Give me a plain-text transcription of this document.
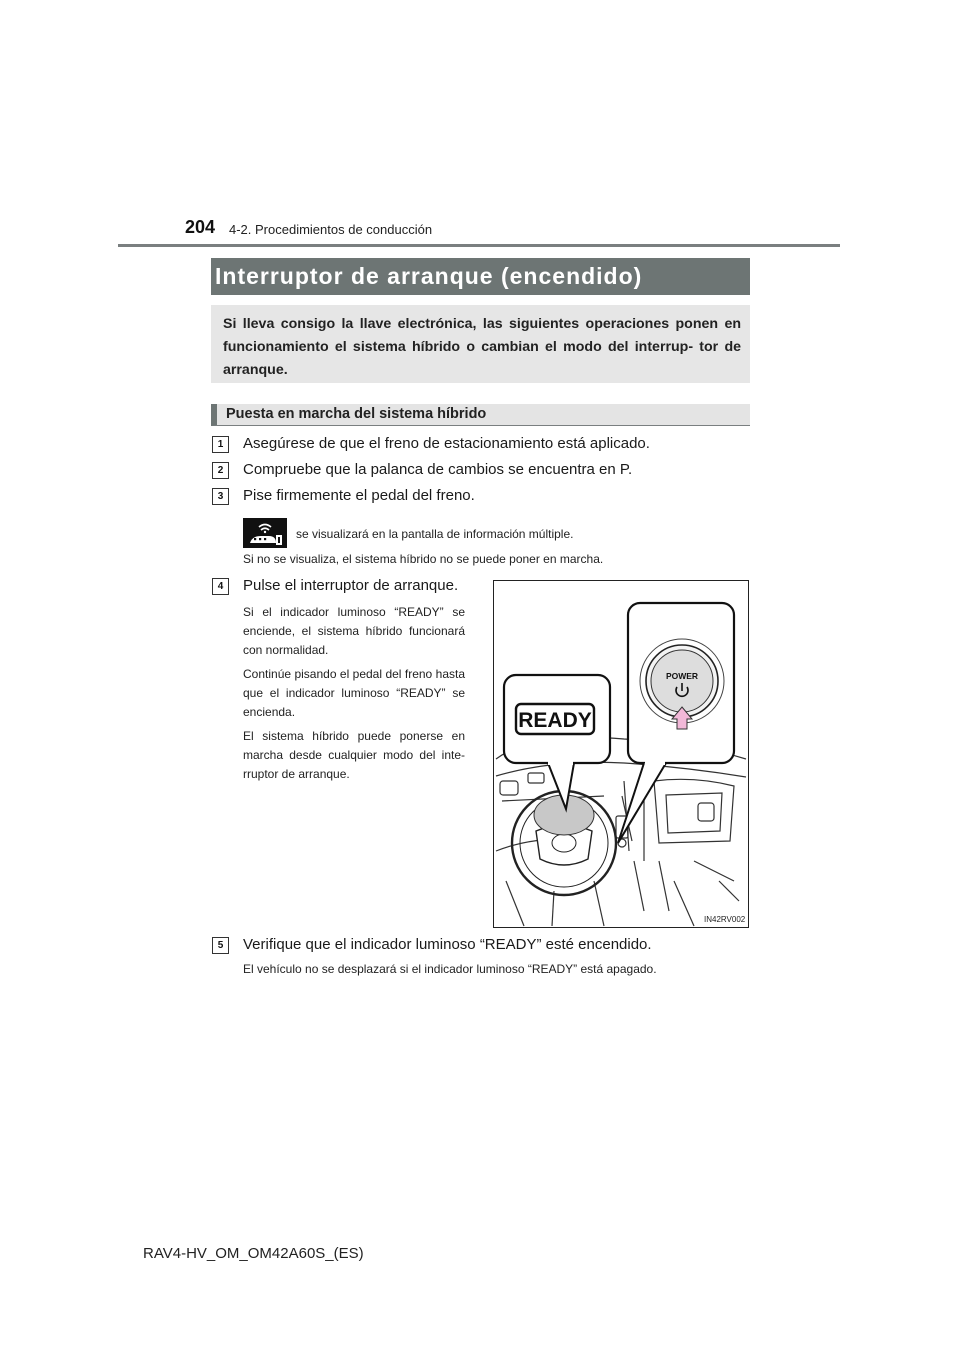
204 4-2. Procedimientos de conducción
Interruptor de arranque (encendido)
Si lleva consigo la llave electrónica, las siguientes operaciones ponen en funcionamiento el sistema híbrido o cambian el modo del interrup- tor de arranque.
Puesta en marcha del sistema híbrido
1	Asegúrese de que el freno de estacionamiento está aplicado.
2	Compruebe que la palanca de cambios se encuentra en P.
3	Pise firmemente el pedal del freno.
se visualizará en la pantalla de información múltiple.
Si no se visualiza, el sistema híbrido no se puede poner en marcha.
4	Pulse el interruptor de arranque.
Si el indicador luminoso “READY” se enciende, el sistema híbrido funcionará con normalidad.
Continúe pisando el pedal del freno hasta que el indicador luminoso “READY” se encienda.
El sistema híbrido puede ponerse en marcha desde cualquier modo del inte- rruptor de arranque.
READY
POWER
IN42RV002
5	Verifique que el indicador luminoso “READY” esté encendido.
El vehículo no se desplazará si el indicador luminoso “READY” está apagado.
RAV4-HV_OM_OM42A60S_(ES)
